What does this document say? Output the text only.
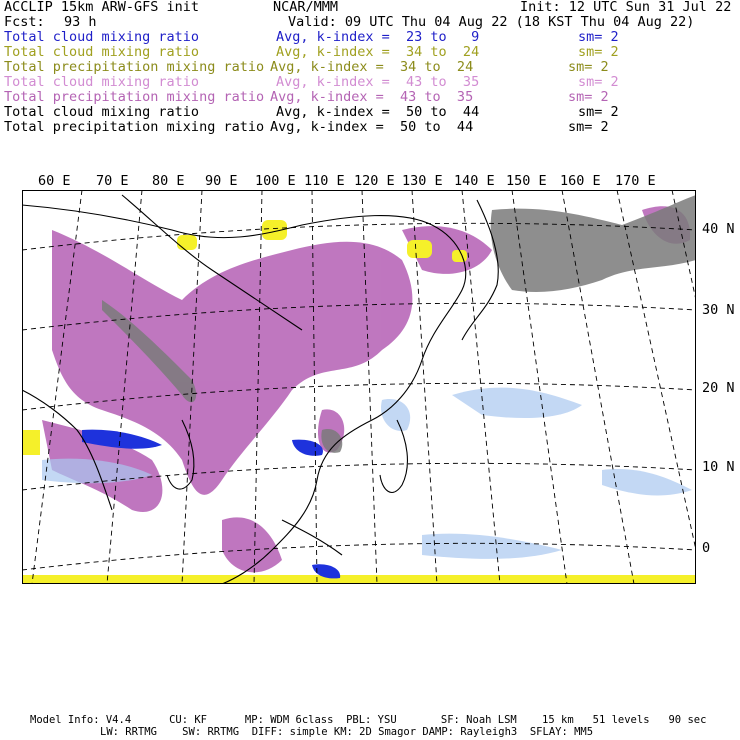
ACCLIP 15km ARW-GFS init	NCAR/MMM	Init: 12 UTC Sun 31 Jul 22
Fcst: 93 h	Valid: 09 UTC Thu 04 Aug 22 (18 KST Thu 04 Aug 22)
Total cloud mixing ratio	Avg, k-index =  23 to   9	sm= 2
Total cloud mixing ratio	Avg, k-index =  34 to  24	sm= 2
Total precipitation mixing ratio Avg, k-index =  34 to  24	sm= 2
Total cloud mixing ratio	Avg, k-index =  43 to  35	sm= 2
Total precipitation mixing ratio Avg, k-index =  43 to  35	sm= 2
Total cloud mixing ratio	Avg, k-index =  50 to  44	sm= 2
Total precipitation mixing ratio Avg, k-index =  50 to  44	sm= 2
60 E 70 E 80 E 90 E 100 E 110 E 120 E 130 E 140 E 150 E 160 E 170 E
40 N
30 N
20 N
10 N
0
Model Info: V4.4      CU: KF      MP: WDM 6class  PBL: YSU       SF: Noah LSM    15 km   51 levels   90 sec
LW: RRTMG    SW: RRTMG  DIFF: simple KM: 2D Smagor DAMP: Rayleigh3  SFLAY: MM5
